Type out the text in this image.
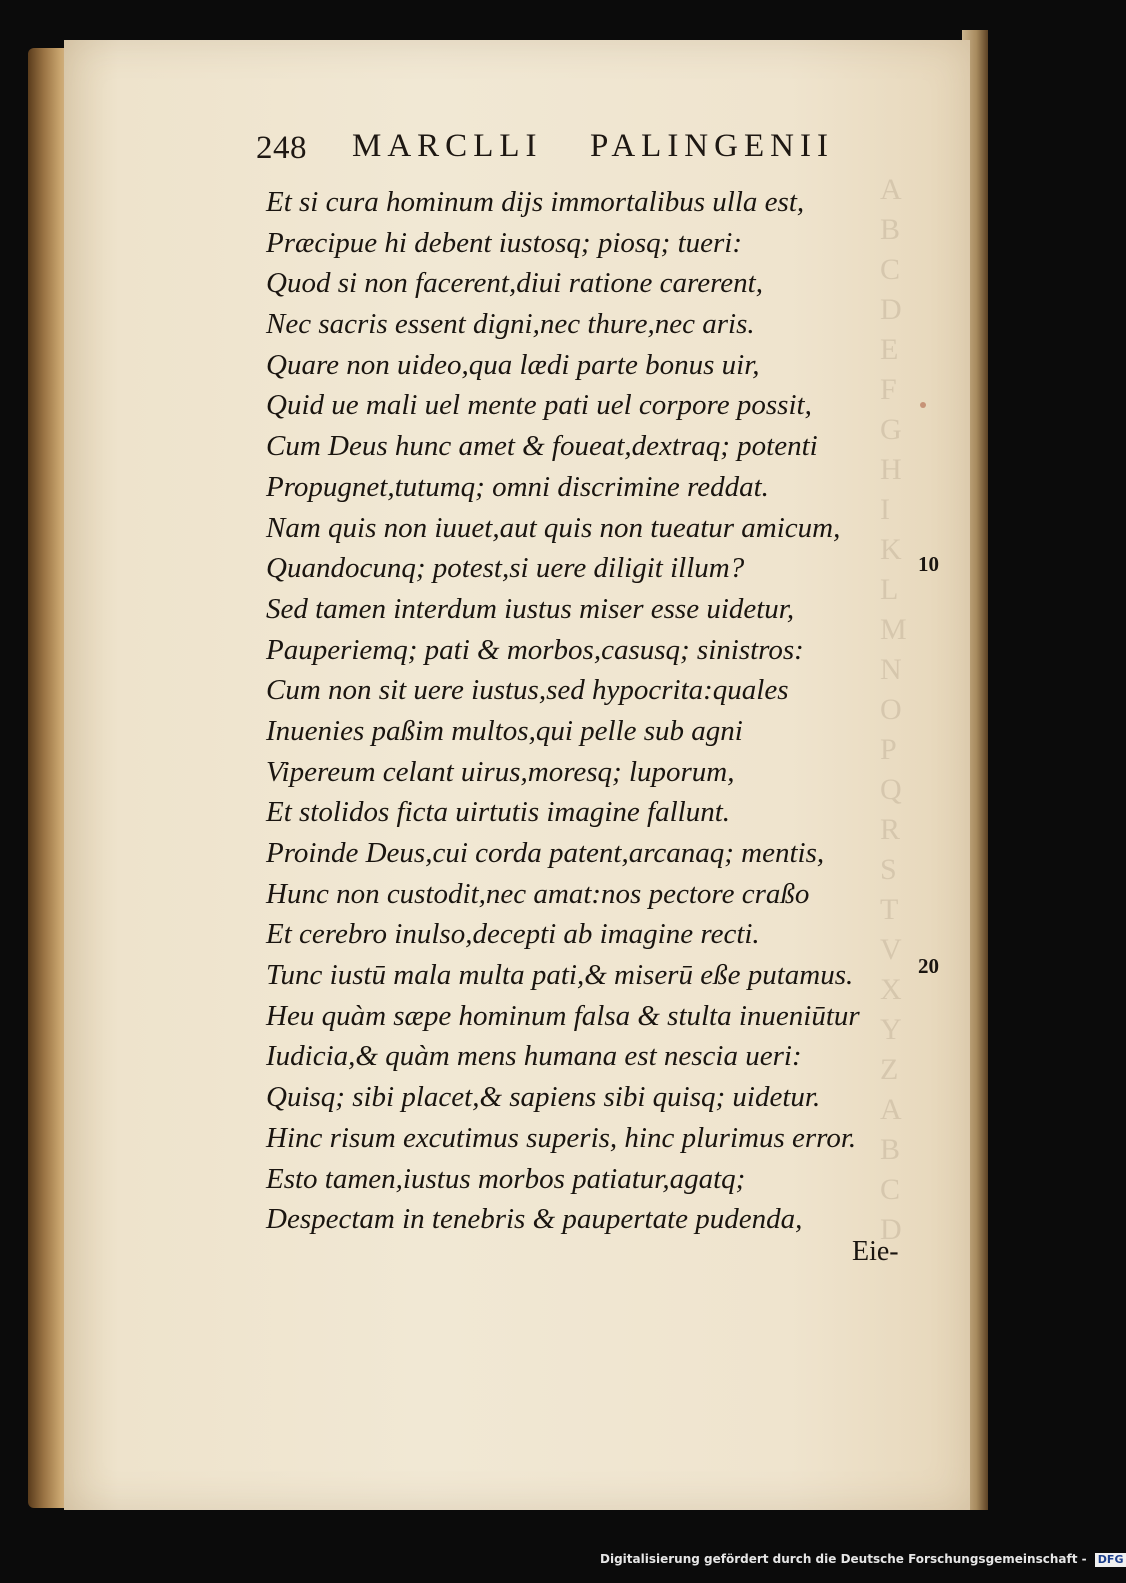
A
B
C
D
E
F
G
H
I
K
L
M
N
O
P
Q
R
S
T
V
X
Y
Z
A
B
C
D
248 MARCLLI PALINGENII
Et si cura hominum dijs immortalibus ulla est,
Præcipue hi debent iustosq; piosq; tueri:
Quod si non facerent,diui ratione carerent,
Nec sacris essent digni,nec thure,nec aris.
Quare non uideo,qua lædi parte bonus uir,
Quid ue mali uel mente pati uel corpore possit,
Cum Deus hunc amet & foueat,dextraq; potenti
Propugnet,tutumq; omni discrimine reddat.
Nam quis non iuuet,aut quis non tueatur amicum,
Quandocunq; potest,si uere diligit illum?
Sed tamen interdum iustus miser esse uidetur,
Pauperiemq; pati & morbos,casusq; sinistros:
Cum non sit uere iustus,sed hypocrita:quales
Inuenies paßim multos,qui pelle sub agni
Vipereum celant uirus,moresq; luporum,
Et stolidos ficta uirtutis imagine fallunt.
Proinde Deus,cui corda patent,arcanaq; mentis,
Hunc non custodit,nec amat:nos pectore craßo
Et cerebro inulso,decepti ab imagine recti.
Tunc iustū mala multa pati,& miserū eße putamus.
Heu quàm sæpe hominum falsa & stulta inueniūtur
Iudicia,& quàm mens humana est nescia ueri:
Quisq; sibi placet,& sapiens sibi quisq; uidetur.
Hinc risum excutimus superis, hinc plurimus error.
Esto tamen,iustus morbos patiatur,agatq;
Despectam in tenebris & paupertate pudenda,
10
20
Eie-
Digitalisierung gefördert durch die Deutsche Forschungsgemeinschaft - DFG
